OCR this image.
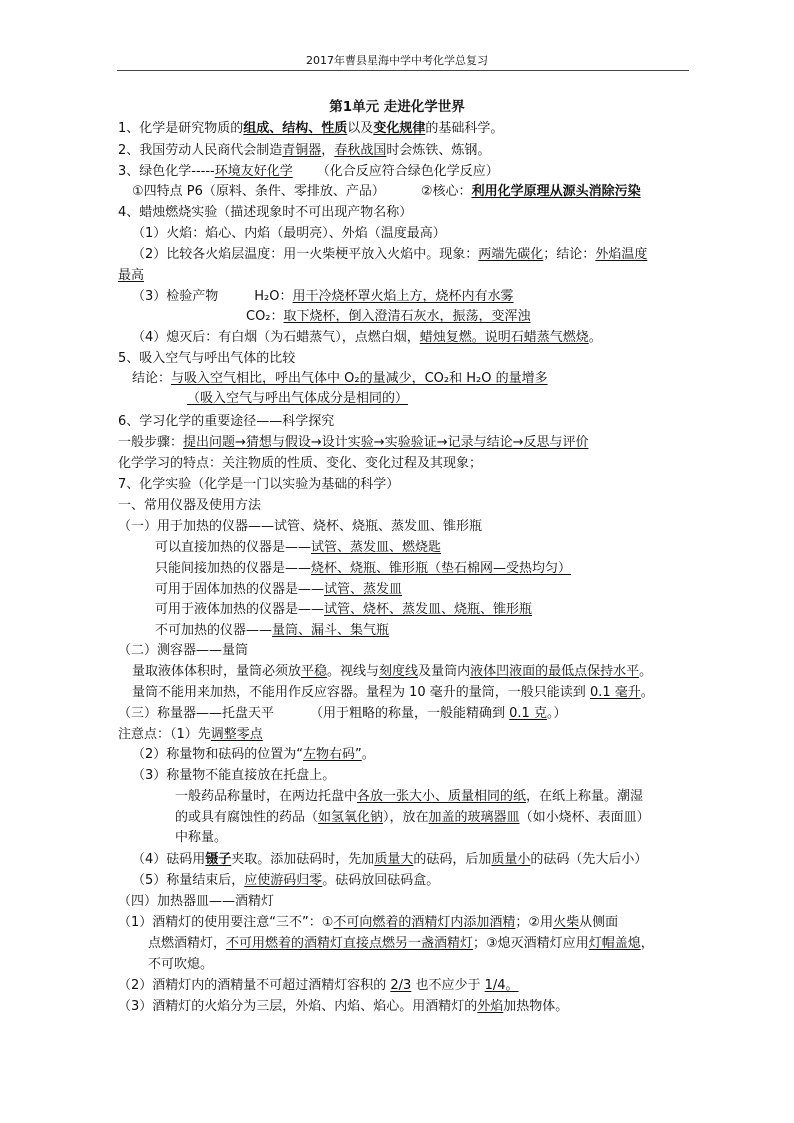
2017年曹县星海中学中考化学总复习
第1单元 走进化学世界
1、化学是研究物质的组成、结构、性质以及变化规律的基础科学。
2、我国劳动人民商代会制造青铜器，春秋战国时会炼铁、炼钢。
3、绿色化学-----环境友好化学 （化合反应符合绿色化学反应）
①四特点 P6（原料、条件、零排放、产品）	②核心：利用化学原理从源头消除污染
4、蜡烛燃烧实验（描述现象时不可出现产物名称）
（1）火焰：焰心、内焰（最明亮）、外焰（温度最高）
（2）比较各火焰层温度：用一火柴梗平放入火焰中。现象：两端先碳化；结论：外焰温度
最高
（3）检验产物	H₂O：用干冷烧杯罩火焰上方，烧杯内有水雾
CO₂：取下烧杯，倒入澄清石灰水，振荡，变浑浊
（4）熄灭后：有白烟（为石蜡蒸气），点燃白烟，蜡烛复燃。说明石蜡蒸气燃烧。
5、吸入空气与呼出气体的比较
结论：与吸入空气相比，呼出气体中 O₂的量减少，CO₂和 H₂O 的量增多
（吸入空气与呼出气体成分是相同的）
6、学习化学的重要途径——科学探究
一般步骤：提出问题→猜想与假设→设计实验→实验验证→记录与结论→反思与评价
化学学习的特点：关注物质的性质、变化、变化过程及其现象；
7、化学实验（化学是一门以实验为基础的科学）
一、常用仪器及使用方法
（一）用于加热的仪器——试管、烧杯、烧瓶、蒸发皿、锥形瓶
可以直接加热的仪器是——试管、蒸发皿、燃烧匙
只能间接加热的仪器是——烧杯、烧瓶、锥形瓶（垫石棉网—受热均匀）
可用于固体加热的仪器是——试管、蒸发皿
可用于液体加热的仪器是——试管、烧杯、蒸发皿、烧瓶、锥形瓶
不可加热的仪器——量筒、漏斗、集气瓶
（二）测容器——量筒
量取液体体积时，量筒必须放平稳。视线与刻度线及量筒内液体凹液面的最低点保持水平。
量筒不能用来加热，不能用作反应容器。量程为 10 毫升的量筒，一般只能读到 0.1 毫升。
（三）称量器——托盘天平	（用于粗略的称量，一般能精确到 0.1 克。）
注意点：（1）先调整零点
（2）称量物和砝码的位置为“左物右码”。
（3）称量物不能直接放在托盘上。
一般药品称量时，在两边托盘中各放一张大小、质量相同的纸，在纸上称量。潮湿
的或具有腐蚀性的药品（如氢氧化钠），放在加盖的玻璃器皿（如小烧杯、表面皿）
中称量。
（4）砝码用镊子夹取。添加砝码时，先加质量大的砝码，后加质量小的砝码（先大后小）
（5）称量结束后，应使游码归零。砝码放回砝码盒。
（四）加热器皿——酒精灯
（1）酒精灯的使用要注意“三不”：①不可向燃着的酒精灯内添加酒精；②用火柴从侧面
点燃酒精灯，不可用燃着的酒精灯直接点燃另一盏酒精灯；③熄灭酒精灯应用灯帽盖熄，
不可吹熄。
（2）酒精灯内的酒精量不可超过酒精灯容积的 2/3 也不应少于 1/4。
（3）酒精灯的火焰分为三层，外焰、内焰、焰心。用酒精灯的外焰加热物体。
